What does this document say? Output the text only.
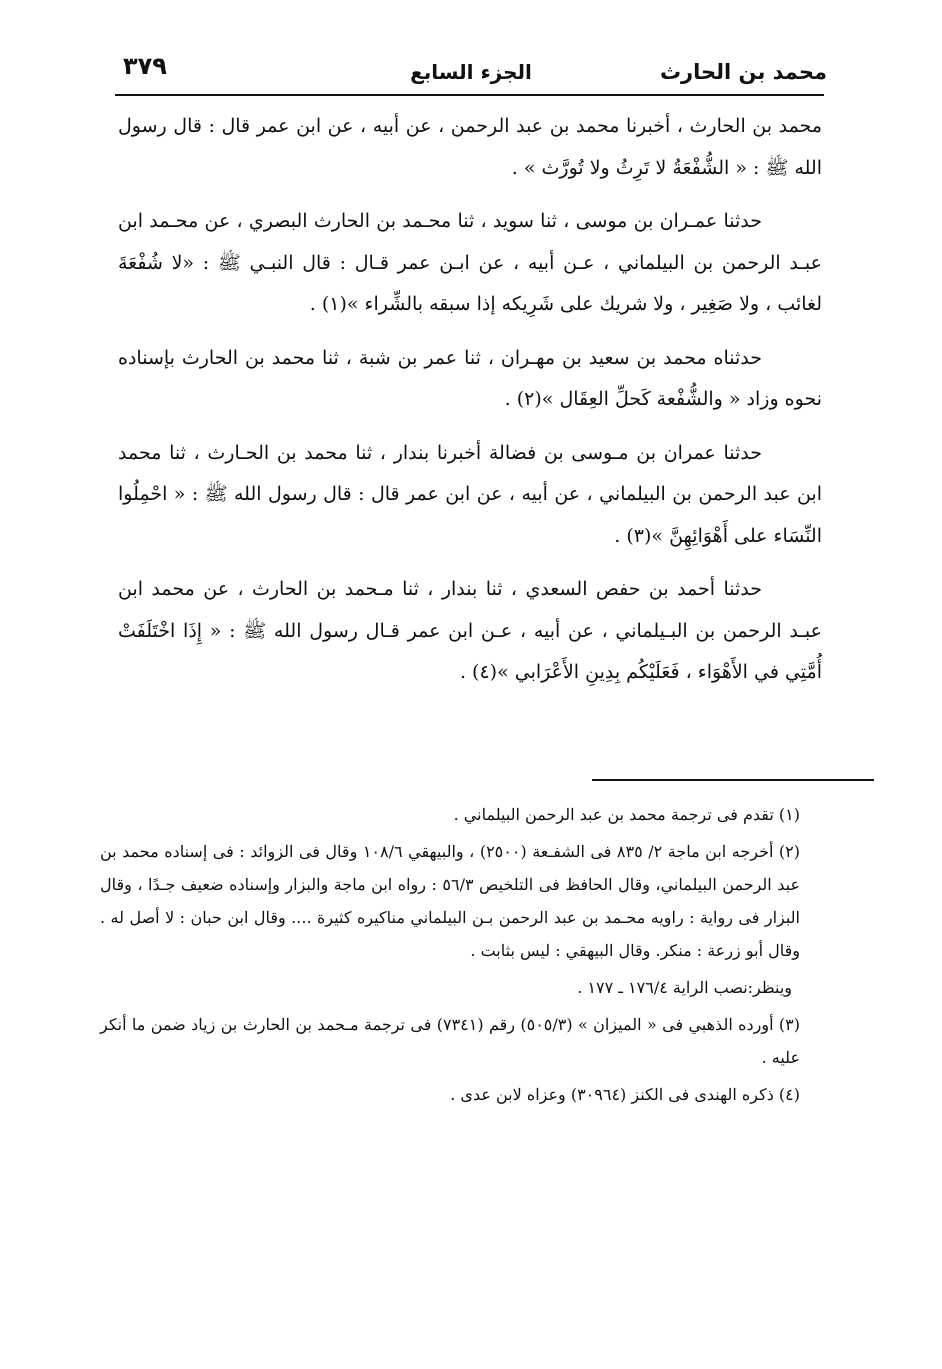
محمد بن الحارث
الجزء السابع
٣٧٩

محمد بن الحارث ، أخبرنا محمد بن عبد الرحمن ، عن أبيه ، عن ابن عمر قال : قال رسول الله ﷺ : « الشُّفْعَةُ لا تَرِثُ ولا تُورَّث » .

حدثنا عمـران بن موسى ، ثنا سويد ، ثنا محـمد بن الحارث البصري ، عن محـمد ابن عبـد الرحمن بن البيلماني ، عـن أبيه ، عن ابـن عمر قـال : قال النبـي ﷺ : «لا شُفْعَةَ لغائب ، ولا صَغِير ، ولا شريك على شَرِيكه إذا سبقه بالشِّراء »(١) .

حدثناه محمد بن سعيد بن مهـران ، ثنا عمر بن شبة ، ثنا محمد بن الحارث بإسناده نحوه وزاد « والشُّفْعة كَحلِّ العِقَال »(٢) .

حدثنا عمران بن مـوسى بن فضالة أخبرنا بندار ، ثنا محمد بن الحـارث ، ثنا محمد ابن عبد الرحمن بن البيلماني ، عن أبيه ، عن ابن عمر قال : قال رسول الله ﷺ : « احْمِلُوا النِّسَاء على أَهْوَائِهِنَّ »(٣) .

حدثنا أحمد بن حفص السعدي ، ثنا بندار ، ثنا مـحمد بن الحارث ، عن محمد ابن عبـد الرحمن بن البـيلماني ، عن أبيه ، عـن ابن عمر قـال رسول الله ﷺ : « إِذَا اخْتَلَفَتْ أُمَّتِي في الأَهْوَاء ، فَعَلَيْكُم بِدِينِ الأَعْرَابي »(٤) .

(١) تقدم فى ترجمة محمد بن عبد الرحمن البيلماني .

(٢) أخرجه ابن ماجة ٢/ ٨٣٥ فى الشفـعة (٢٥٠٠) ، والبيهقي ١٠٨/٦ وقال فى الزوائد : فى إسناده محمد بن عبد الرحمن البيلماني، وقال الحافظ فى التلخيص ٥٦/٣ : رواه ابن ماجة والبزار وإسناده ضعيف جـدًا ، وقال البزار فى رواية : راويه محـمد بن عبد الرحمن بـن البيلماني مناكيره كثيرة .... وقال ابن حبان : لا أصل له . وقال أبو زرعة : منكر. وقال البيهقي : ليس بثابت .

وينظر:نصب الراية ١٧٦/٤ ـ ١٧٧ .

(٣) أورده الذهبي فى « الميزان » (٥٠٥/٣) رقم (٧٣٤١) فى ترجمة مـحمد بن الحارث بن زياد ضمن ما أنكر عليه .

(٤) ذكره الهندى فى الكنز (٣٠٩٦٤) وعزاه لابن عدى .
